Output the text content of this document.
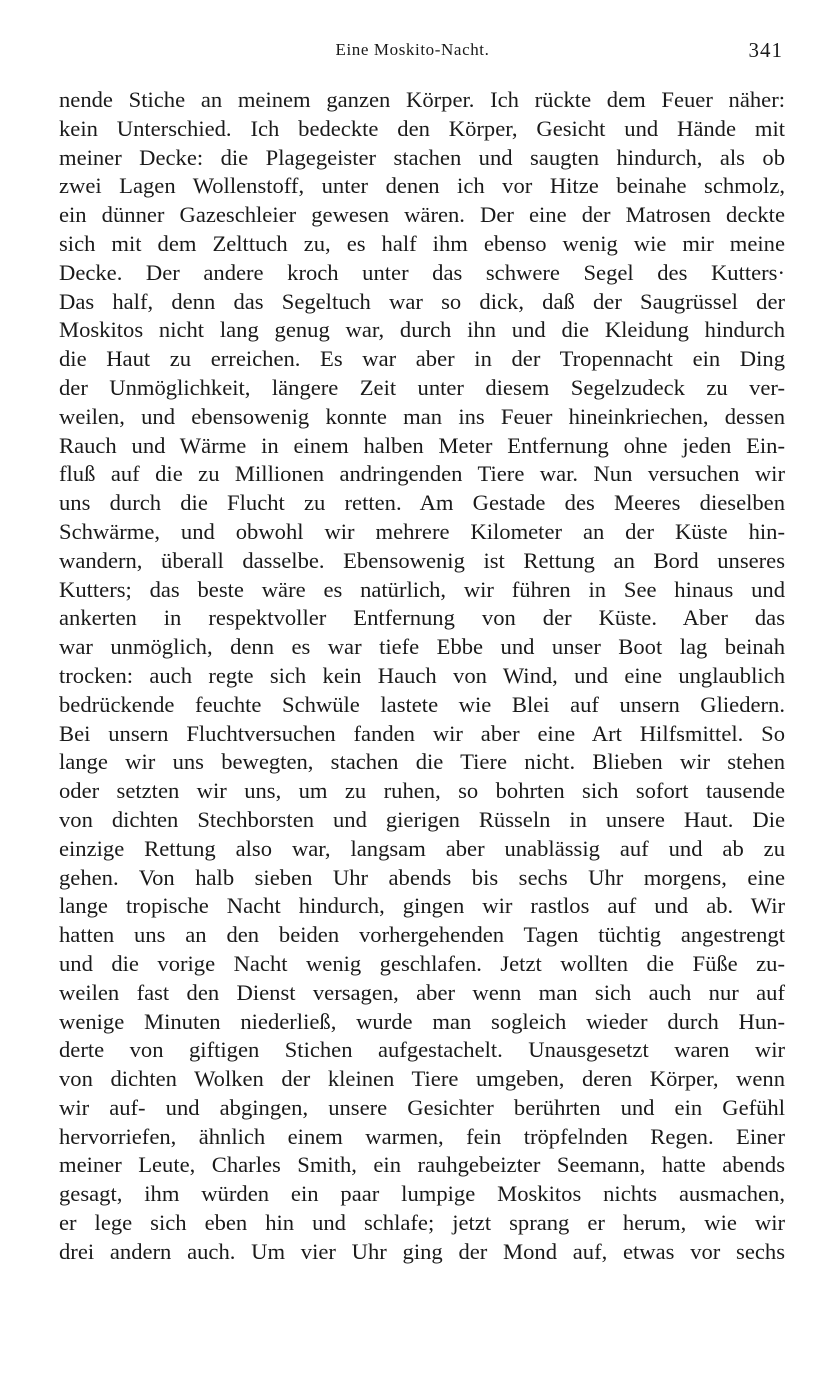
Eine Moskito-Nacht.	341
nende Stiche an meinem ganzen Körper. Ich rückte dem Feuer näher:
kein Unterschied. Ich bedeckte den Körper, Gesicht und Hände mit
meiner Decke: die Plagegeister stachen und saugten hindurch, als ob
zwei Lagen Wollenstoff, unter denen ich vor Hitze beinahe schmolz,
ein dünner Gazeschleier gewesen wären. Der eine der Matrosen deckte
sich mit dem Zelttuch zu, es half ihm ebenso wenig wie mir meine
Decke. Der andere kroch unter das schwere Segel des Kutters·
Das half, denn das Segeltuch war so dick, daß der Saugrüssel der
Moskitos nicht lang genug war, durch ihn und die Kleidung hindurch
die Haut zu erreichen. Es war aber in der Tropennacht ein Ding
der Unmöglichkeit, längere Zeit unter diesem Segelzudeck zu ver-
weilen, und ebensowenig konnte man ins Feuer hineinkriechen, dessen
Rauch und Wärme in einem halben Meter Entfernung ohne jeden Ein-
fluß auf die zu Millionen andringenden Tiere war. Nun versuchen wir
uns durch die Flucht zu retten. Am Gestade des Meeres dieselben
Schwärme, und obwohl wir mehrere Kilometer an der Küste hin-
wandern, überall dasselbe. Ebensowenig ist Rettung an Bord unseres
Kutters; das beste wäre es natürlich, wir führen in See hinaus und
ankerten in respektvoller Entfernung von der Küste. Aber das
war unmöglich, denn es war tiefe Ebbe und unser Boot lag beinah
trocken: auch regte sich kein Hauch von Wind, und eine unglaublich
bedrückende feuchte Schwüle lastete wie Blei auf unsern Gliedern.
Bei unsern Fluchtversuchen fanden wir aber eine Art Hilfsmittel. So
lange wir uns bewegten, stachen die Tiere nicht. Blieben wir stehen
oder setzten wir uns, um zu ruhen, so bohrten sich sofort tausende
von dichten Stechborsten und gierigen Rüsseln in unsere Haut. Die
einzige Rettung also war, langsam aber unablässig auf und ab zu
gehen. Von halb sieben Uhr abends bis sechs Uhr morgens, eine
lange tropische Nacht hindurch, gingen wir rastlos auf und ab. Wir
hatten uns an den beiden vorhergehenden Tagen tüchtig angestrengt
und die vorige Nacht wenig geschlafen. Jetzt wollten die Füße zu-
weilen fast den Dienst versagen, aber wenn man sich auch nur auf
wenige Minuten niederließ, wurde man sogleich wieder durch Hun-
derte von giftigen Stichen aufgestachelt. Unausgesetzt waren wir
von dichten Wolken der kleinen Tiere umgeben, deren Körper, wenn
wir auf- und abgingen, unsere Gesichter berührten und ein Gefühl
hervorriefen, ähnlich einem warmen, fein tröpfelnden Regen. Einer
meiner Leute, Charles Smith, ein rauhgebeizter Seemann, hatte abends
gesagt, ihm würden ein paar lumpige Moskitos nichts ausmachen,
er lege sich eben hin und schlafe; jetzt sprang er herum, wie wir
drei andern auch. Um vier Uhr ging der Mond auf, etwas vor sechs
